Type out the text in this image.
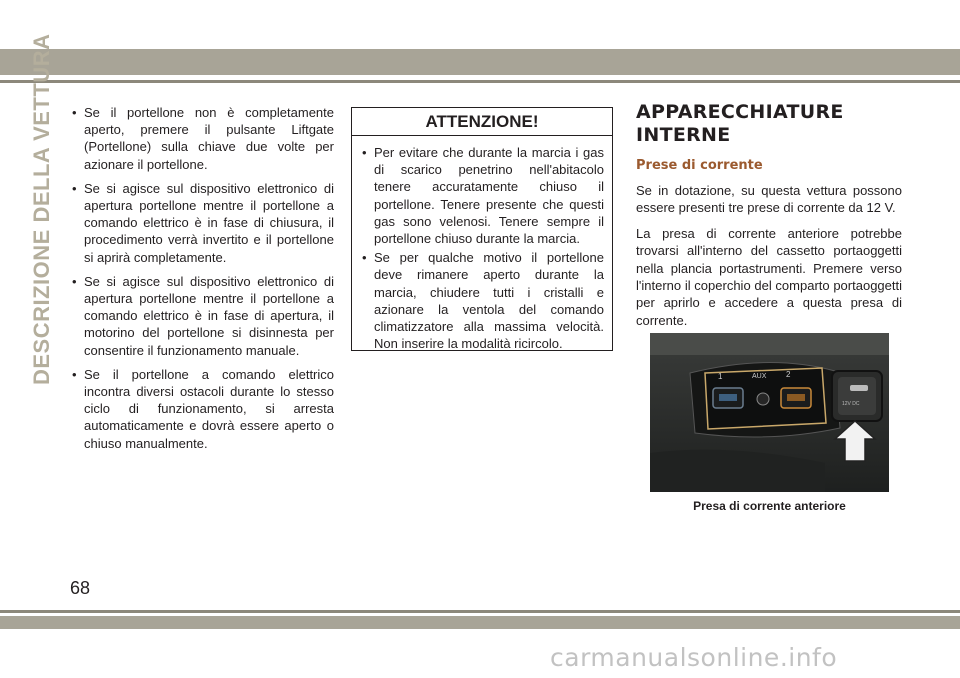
DESCRIZIONE DELLA VETTURA • Se il portellone non è completamente aperto, premere il pulsante Liftgate (Portellone) sulla chiave due volte per azionare il portellone.
• Se si agisce sul dispositivo elettronico di apertura portellone mentre il portellone a comando elettrico è in fase di chiusura, il procedimento verrà invertito e il portellone si aprirà completamente.
• Se si agisce sul dispositivo elettronico di apertura portellone mentre il portellone a comando elettrico è in fase di apertura, il motorino del portellone si disinnesta per consentire il funzionamento manuale.
• Se il portellone a comando elettrico incontra diversi ostacoli durante lo stesso ciclo di funzionamento, si arresta automaticamente e dovrà essere aperto o chiuso manualmente.
ATTENZIONE!
• Per evitare che durante la marcia i gas di scarico penetrino nell'abitacolo tenere accuratamente chiuso il portellone. Tenere presente che questi gas sono velenosi. Tenere sempre il portellone chiuso durante la marcia.
• Se per qualche motivo il portellone deve rimanere aperto durante la marcia, chiudere tutti i cristalli e azionare la ventola del comando climatizzatore alla massima velocità. Non inserire la modalità ricircolo.
APPARECCHIATURE
INTERNE
Prese di corrente

Se in dotazione, su questa vettura possono essere presenti tre prese di corrente da 12 V.

La presa di corrente anteriore potrebbe trovarsi all'interno del cassetto portaoggetti nella plancia portastrumenti. Premere verso l'interno il coperchio del comparto portaoggetti per aprirlo e accedere a questa presa di corrente.

1	AUX 2
12V DC
Presa di corrente anteriore
68
carmanualsonline.info
